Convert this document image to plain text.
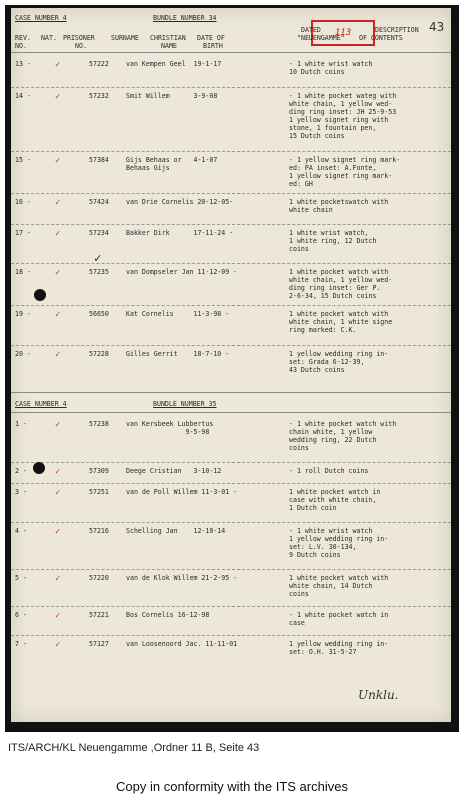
CASE NUMBER 4	BUNDLE NUMBER 34
113	43
DATED	DESCRIPTION
REV. NAT. PRISONER SURNAME CHRISTIAN DATE OF	"NEUENGAMME" OF CONTENTS
NO.	NO.	NAME	BIRTH
13 -	57222	van Kempen Geel  19-1-17	- 1 white wrist watch
10 Dutch coins
✓
14 -	57232	Smit Willem      3-9-08	- 1 white pocket wateg with
white chain, 1 yellow wed-
ding ring inset: JH 25-9-53
1 yellow signet ring with
stone, 1 fountain pen,
15 Dutch coins
✓
15 -	57384	Gijs Behaas or   4-1-07
Behaas Gijs
- 1 yellow signet ring mark-
ed: PA inset: A.Fonte,
1 yellow signet ring mark-
ed: GH
✓
16 -	57424	van Drie Cornelis 20-12-05-	1 white pocketswatch with
white chain
✓
17 -	57234	Bakker Dirk      17-11-24 -	1 white wrist watch,
1 white ring, 12 Dutch
coins
✓
18 -	57235	van Dompseler Jan 11-12-09 -	1 white pocket watch with
white chain, 1 yellow wed-
ding ring inset: Ger P.
2-6-34, 15 Dutch coins
✓
19 -	56650	Kat Cornelis     11-3-98 -	1 white pocket watch with
white chain, 1 white signe
ring marked: C.K.
✓
20 -	57228	Gilles Gerrit    18-7-10 -	1 yellow wedding ring in-
set: Grada 6-12-39,
43 Dutch coins
✓
CASE NUMBER 4	BUNDLE NUMBER 35
1 -	57238	van Kersbeek Lubbertus
9-5-98
- 1 white pocket watch with
chain white, 1 yellow
wedding ring, 22 Dutch
coins
✓
2 -	57309	Deege Cristian   3-10-12	- 1 roll Dutch coins
✓
3 -	57251	van de Poll Willem 11-3-01 -	1 white pocket watch in
case with white chain,
1 Dutch coin
✓
4 -	57216	Schelling Jan    12-10-14	- 1 white wrist watch
1 yellow wedding ring in-
set: L.V. 30-134,
9 Dutch coins
✓
5 -	57220	van de Klok Willem 21-2-95 -	1 white pocket watch with
white chain, 14 Dutch
coins
✓
6 -	57221	Bos Cornelis 16-12-98	- 1 white pocket watch in
case
✓
7 -	57127	van Loosenoord Jac. 11-11-01	1 yellow wedding ring in-
set: O.H. 31-5-27
✓
✓
Unklu.
ITS/ARCH/KL Neuengamme ,Ordner 11 B, Seite 43
Copy in conformity with the ITS archives
